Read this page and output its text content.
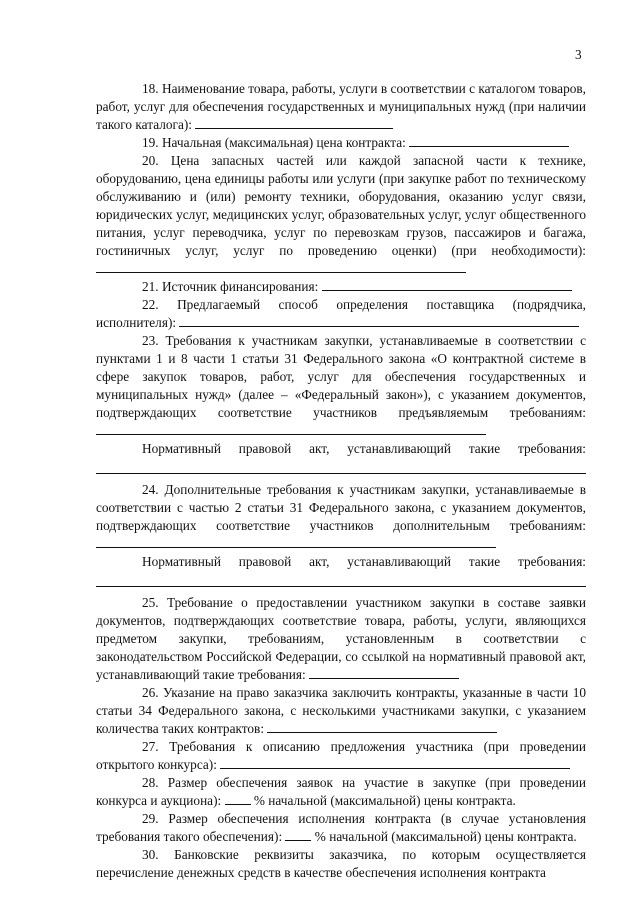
3

18. Наименование товара, работы, услуги в соответствии с каталогом товаров, работ, услуг для обеспечения государственных и муниципальных нужд (при наличии такого каталога):

19. Начальная (максимальная) цена контракта:

20. Цена запасных частей или каждой запасной части к технике, оборудованию, цена единицы работы или услуги (при закупке работ по техническому обслуживанию и (или) ремонту техники, оборудования, оказанию услуг связи, юридических услуг, медицинских услуг, образовательных услуг, услуг общественного питания, услуг переводчика, услуг по перевозкам грузов, пассажиров и багажа, гостиничных услуг, услуг по проведению оценки) (при необходимости):

21. Источник финансирования:

22. Предлагаемый способ определения поставщика (подрядчика, исполнителя):

23. Требования к участникам закупки, устанавливаемые в соответствии с пунктами 1 и 8 части 1 статьи 31 Федерального закона «О контрактной системе в сфере закупок товаров, работ, услуг для обеспечения государственных и муниципальных нужд» (далее – «Федеральный закон»), с указанием документов, подтверждающих соответствие участников предъявляемым требованиям:

Нормативный правовой акт, устанавливающий такие требования:

24. Дополнительные требования к участникам закупки, устанавливаемые в соответствии с частью 2 статьи 31 Федерального закона, с указанием документов, подтверждающих соответствие участников дополнительным требованиям:

Нормативный правовой акт, устанавливающий такие требования:

25. Требование о предоставлении участником закупки в составе заявки документов, подтверждающих соответствие товара, работы, услуги, являющихся предметом закупки, требованиям, установленным в соответствии с законодательством Российской Федерации, со ссылкой на нормативный правовой акт, устанавливающий такие требования:

26. Указание на право заказчика заключить контракты, указанные в части 10 статьи 34 Федерального закона, с несколькими участниками закупки, с указанием количества таких контрактов:

27. Требования к описанию предложения участника (при проведении открытого конкурса):

28. Размер обеспечения заявок на участие в закупке (при проведении конкурса и аукциона): % начальной (максимальной) цены контракта.

29. Размер обеспечения исполнения контракта (в случае установления требования такого обеспечения): % начальной (максимальной) цены контракта.

30. Банковские реквизиты заказчика, по которым осуществляется перечисление денежных средств в качестве обеспечения исполнения контракта
